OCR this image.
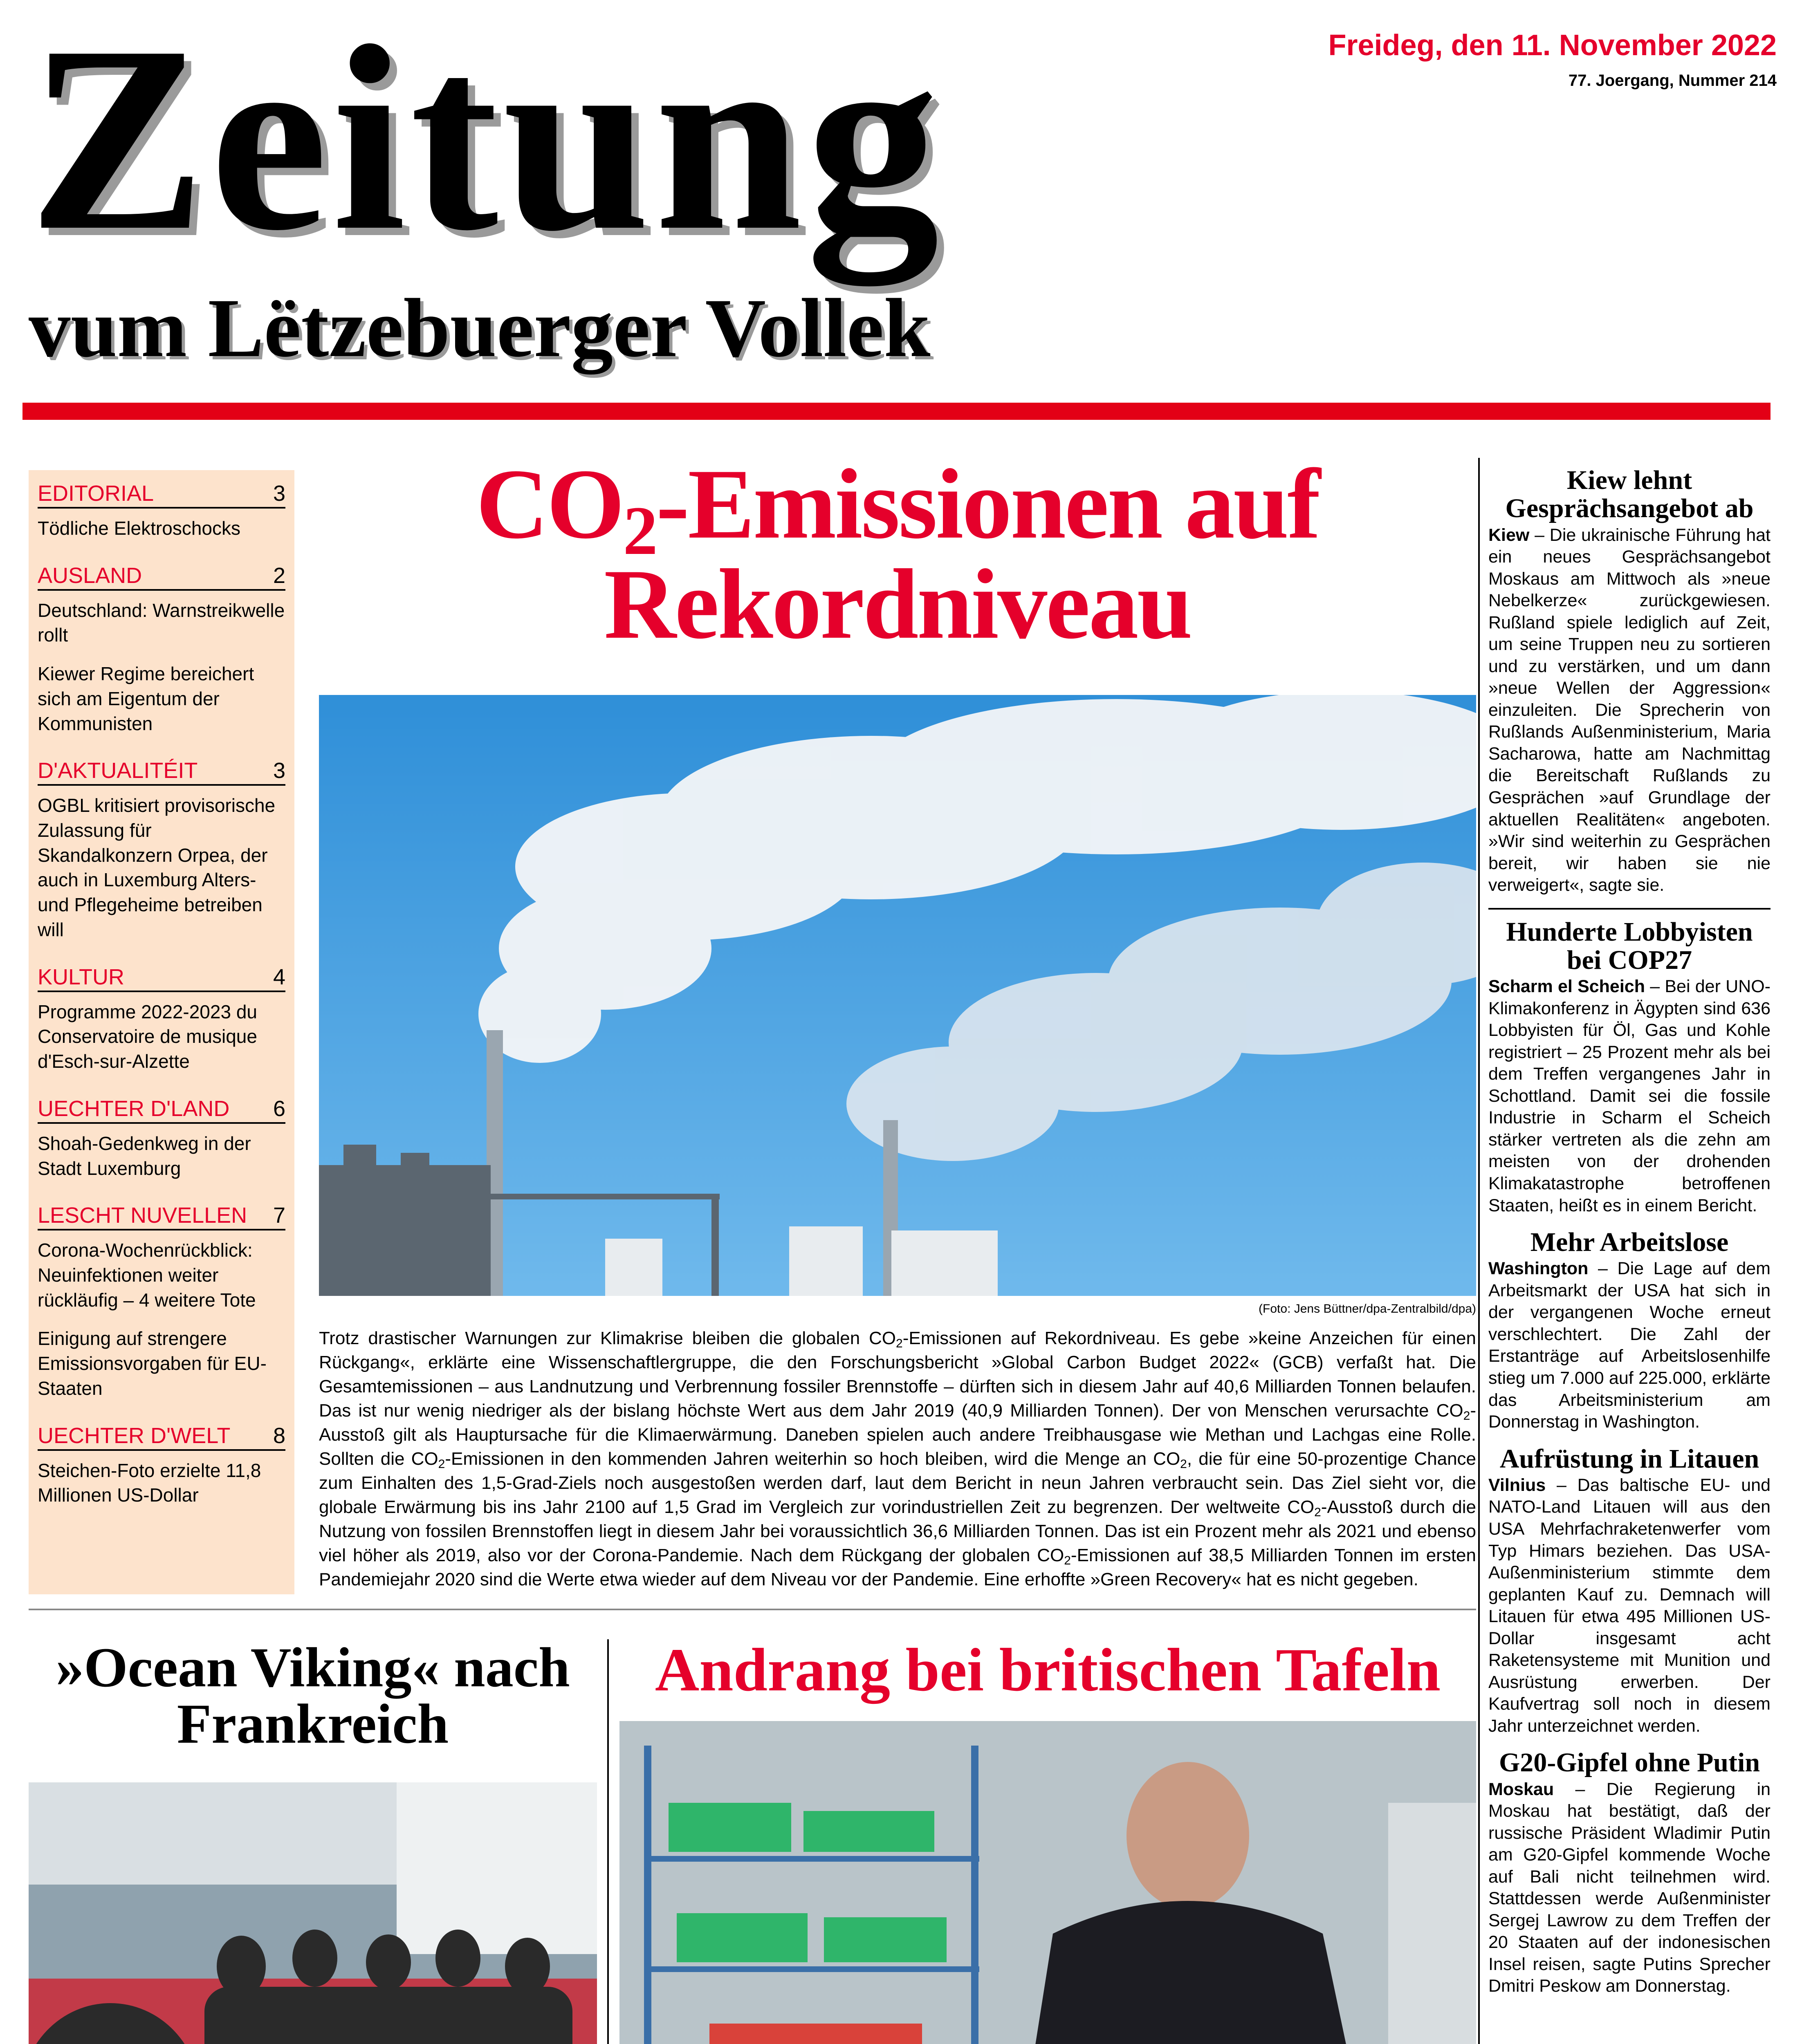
Zeitung
vum Lëtzebuerger Vollek
Freideg, den 11. November 2022
77. Joergang, Nummer 214
EDITORIAL	3
Tödliche Elektroschocks
AUSLAND	2
Deutschland: Warnstreikwelle rollt
Kiewer Regime bereichert sich am Eigentum der Kommunisten
D'AKTUALITÉIT	3
OGBL kritisiert provisorische Zulassung für Skandalkonzern Orpea, der auch in Luxemburg Alters- und Pflegeheime betreiben will
KULTUR	4
Programme 2022-2023 du Conservatoire de musique d'Esch-sur-Alzette
UECHTER D'LAND 6
Shoah-Gedenkweg in der Stadt Luxemburg
LESCHT NUVELLEN 7
Corona-Wochenrückblick: Neuinfektionen weiter rückläufig – 4 weitere Tote
Einigung auf strengere Emissionsvorgaben für EU-Staaten
UECHTER D'WELT 8
Steichen-Foto erzielte 11,8 Millionen US-Dollar
$CO_2$-Emissionen auf Rekordniveau
(Foto: Jens Büttner/dpa-Zentralbild/dpa)
Trotz drastischer Warnungen zur Klimakrise bleiben die globalen $CO_2$-Emissionen auf Rekordniveau. Es gebe »keine Anzeichen für einen Rückgang«, erklärte eine Wissenschaftlergruppe, die den Forschungsbericht »Global Carbon Budget 2022« (GCB) verfaßt hat. Die Gesamtemissionen – aus Landnutzung und Verbrennung fossiler Brennstoffe – dürften sich in diesem Jahr auf 40,6 Milliarden Tonnen belaufen. Das ist nur wenig niedriger als der bislang höchste Wert aus dem Jahr 2019 (40,9 Milliarden Tonnen). Der von Menschen verursachte $CO_2$-Ausstoß gilt als Hauptursache für die Klimaerwärmung. Daneben spielen auch andere Treibhausgase wie Methan und Lachgas eine Rolle. Sollten die $CO_2$-Emissionen in den kommenden Jahren weiterhin so hoch bleiben, wird die Menge an $CO_2$, die für eine 50-prozentige Chance zum Einhalten des 1,5-Grad-Ziels noch ausgestoßen werden darf, laut dem Bericht in neun Jahren verbraucht sein. Das Ziel sieht vor, die globale Erwärmung bis ins Jahr 2100 auf 1,5 Grad im Vergleich zur vorindustriellen Zeit zu begrenzen. Der weltweite $CO_2$-Ausstoß durch die Nutzung von fossilen Brennstoffen liegt in diesem Jahr bei voraussichtlich 36,6 Milliarden Tonnen. Das ist ein Prozent mehr als 2021 und ebenso viel höher als 2019, also vor der Corona-Pandemie. Nach dem Rückgang der globalen $CO_2$-Emissionen auf 38,5 Milliarden Tonnen im ersten Pandemiejahr 2020 sind die Werte etwa wieder auf dem Niveau vor der Pandemie. Eine erhoffte »Green Recovery« hat es nicht gegeben.
»Ocean Viking« nach Frankreich
Andrang bei britischen Tafeln
Kiew lehnt Gesprächsangebot ab
Kiew – Die ukrainische Führung hat ein neues Gesprächsangebot Moskaus am Mittwoch als »neue Nebelkerze« zurückgewiesen. Rußland spiele lediglich auf Zeit, um seine Truppen neu zu sortieren und zu verstärken, und um dann »neue Wellen der Aggression« einzuleiten. Die Sprecherin von Rußlands Außenministerium, Maria Sacharowa, hatte am Nachmittag die Bereitschaft Rußlands zu Gesprächen »auf Grundlage der aktuellen Realitäten« angeboten. »Wir sind weiterhin zu Gesprächen bereit, wir haben sie nie verweigert«, sagte sie.
Hunderte Lobbyisten bei COP27
Scharm el Scheich – Bei der UNO-Klimakonferenz in Ägypten sind 636 Lobbyisten für Öl, Gas und Kohle registriert – 25 Prozent mehr als bei dem Treffen vergangenes Jahr in Schottland. Damit sei die fossile Industrie in Scharm el Scheich stärker vertreten als die zehn am meisten von der drohenden Klimakatastrophe betroffenen Staaten, heißt es in einem Bericht.
Mehr Arbeitslose
Washington – Die Lage auf dem Arbeitsmarkt der USA hat sich in der vergangenen Woche erneut verschlechtert. Die Zahl der Erstanträge auf Arbeitslosenhilfe stieg um 7.000 auf 225.000, erklärte das Arbeitsministerium am Donnerstag in Washington.
Aufrüstung in Litauen
Vilnius – Das baltische EU- und NATO-Land Litauen will aus den USA Mehrfachraketenwerfer vom Typ Himars beziehen. Das USA-Außenministerium stimmte dem geplanten Kauf zu. Demnach will Litauen für etwa 495 Millionen US-Dollar insgesamt acht Raketensysteme mit Munition und Ausrüstung erwerben. Der Kaufvertrag soll noch in diesem Jahr unterzeichnet werden.
G20-Gipfel ohne Putin
Moskau – Die Regierung in Moskau hat bestätigt, daß der russische Präsident Wladimir Putin am G20-Gipfel kommende Woche auf Bali nicht teilnehmen wird. Stattdessen werde Außenminister Sergej Lawrow zu dem Treffen der 20 Staaten auf der indonesischen Insel reisen, sagte Putins Sprecher Dmitri Peskow am Donnerstag.
